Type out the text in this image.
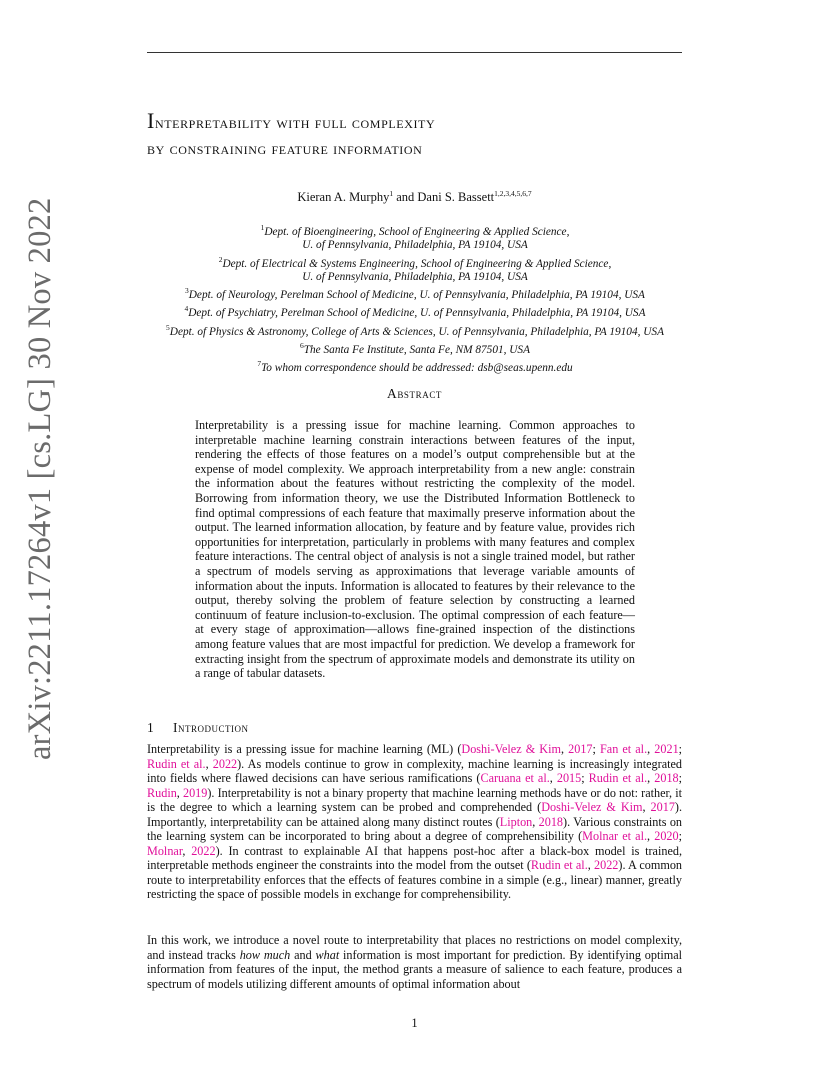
arXiv:2211.17264v1 [cs.LG] 30 Nov 2022
Interpretability with full complexity
by constraining feature information
Kieran A. Murphy$^1$ and Dani S. Bassett$^{1,2,3,4,5,6,7}$
$^1$Dept. of Bioengineering, School of Engineering & Applied Science,
U. of Pennsylvania, Philadelphia, PA 19104, USA
$^2$Dept. of Electrical & Systems Engineering, School of Engineering & Applied Science,
U. of Pennsylvania, Philadelphia, PA 19104, USA
$^3$Dept. of Neurology, Perelman School of Medicine, U. of Pennsylvania, Philadelphia, PA 19104, USA
$^4$Dept. of Psychiatry, Perelman School of Medicine, U. of Pennsylvania, Philadelphia, PA 19104, USA
$^5$Dept. of Physics & Astronomy, College of Arts & Sciences, U. of Pennsylvania, Philadelphia, PA 19104, USA
$^6$The Santa Fe Institute, Santa Fe, NM 87501, USA
$^7$To whom correspondence should be addressed: dsb@seas.upenn.edu
Abstract

Interpretability is a pressing issue for machine learning. Common approaches to interpretable machine learning constrain interactions between features of the input, rendering the effects of those features on a model’s output comprehensible but at the expense of model complexity. We approach interpretability from a new angle: constrain the information about the features without restricting the complexity of the model. Borrowing from information theory, we use the Distributed Information Bottleneck to find optimal compressions of each feature that maximally preserve information about the output. The learned information allocation, by feature and by feature value, provides rich opportunities for interpretation, particularly in problems with many features and complex feature interactions. The central object of analysis is not a single trained model, but rather a spectrum of models serving as approximations that leverage variable amounts of information about the inputs. Information is allocated to features by their relevance to the output, thereby solving the problem of feature selection by constructing a learned continuum of feature inclusion-to-exclusion. The optimal compression of each feature—at every stage of approximation—allows fine-grained inspection of the distinctions among feature values that are most impactful for prediction. We develop a framework for extracting insight from the spectrum of approximate models and demonstrate its utility on a range of tabular datasets.

1 Introduction

Interpretability is a pressing issue for machine learning (ML) (Doshi-Velez & Kim, 2017; Fan et al., 2021; Rudin et al., 2022). As models continue to grow in complexity, machine learning is increasingly integrated into fields where flawed decisions can have serious ramifications (Caruana et al., 2015; Rudin et al., 2018; Rudin, 2019). Interpretability is not a binary property that machine learning methods have or do not: rather, it is the degree to which a learning system can be probed and comprehended (Doshi-Velez & Kim, 2017). Importantly, interpretability can be attained along many distinct routes (Lipton, 2018). Various constraints on the learning system can be incorporated to bring about a degree of comprehensibility (Molnar et al., 2020; Molnar, 2022). In contrast to explainable AI that happens post-hoc after a black-box model is trained, interpretable methods engineer the constraints into the model from the outset (Rudin et al., 2022). A common route to interpretability enforces that the effects of features combine in a simple (e.g., linear) manner, greatly restricting the space of possible models in exchange for comprehensibility.

In this work, we introduce a novel route to interpretability that places no restrictions on model complexity, and instead tracks how much and what information is most important for prediction. By identifying optimal information from features of the input, the method grants a measure of salience to each feature, produces a spectrum of models utilizing different amounts of optimal information about

1
